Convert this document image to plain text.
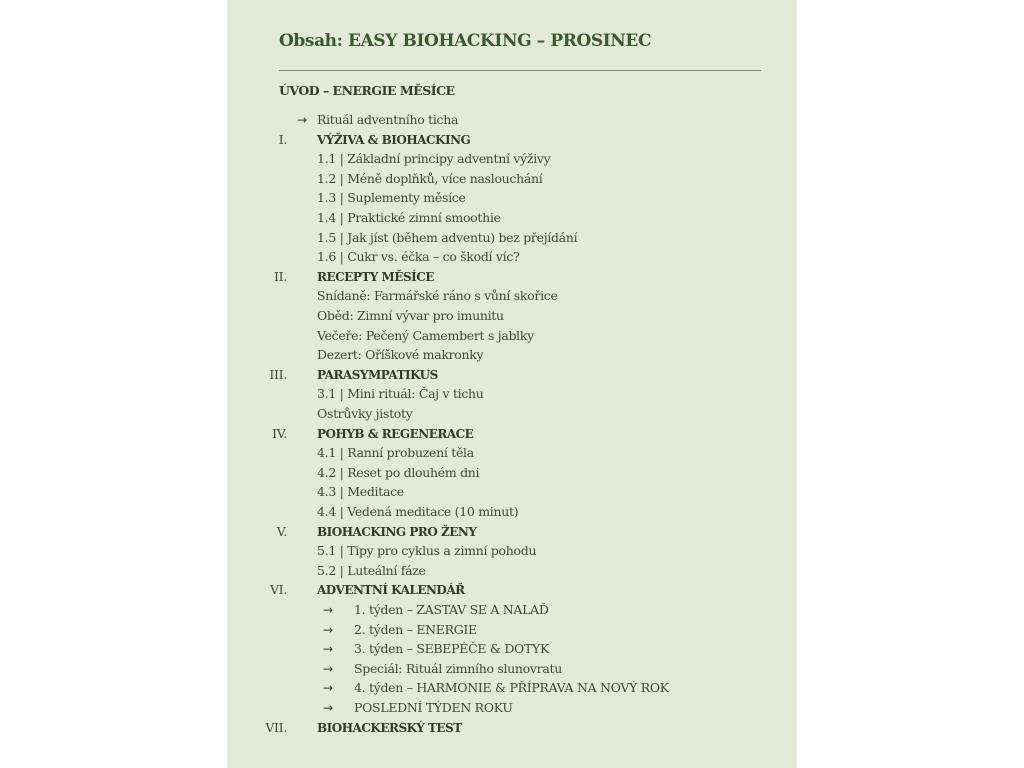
Obsah: EASY BIOHACKING – PROSINEC
ÚVOD – ENERGIE MĚSÍCE
→ Rituál adventního ticha
I.	VÝŽIVA & BIOHACKING
1.1 | Základní principy adventní výživy
1.2 | Méně doplňků, více naslouchání
1.3 | Suplementy měsíce
1.4 | Praktické zimní smoothie
1.5 | Jak jíst (během adventu) bez přejídání
1.6 | Cukr vs. éčka – co škodí víc?
II.	RECEPTY MĚSÍCE
Snídaně: Farmářské ráno s vůní skořice
Oběd: Zimní vývar pro imunitu
Večeře: Pečený Camembert s jablky
Dezert: Oříškové makronky
III.	PARASYMPATIKUS
3.1 | Mini rituál: Čaj v tichu
Ostrůvky jistoty
IV.	POHYB & REGENERACE
4.1 | Ranní probuzení těla
4.2 | Reset po dlouhém dni
4.3 | Meditace
4.4 | Vedená meditace (10 minut)
V.	BIOHACKING PRO ŽENY
5.1 | Tipy pro cyklus a zimní pohodu
5.2 | Luteální fáze
VI.	ADVENTNÍ KALENDÁŘ
→ 1. týden – ZASTAV SE A NALAĎ
→ 2. týden – ENERGIE
→ 3. týden – SEBEPÉČE & DOTYK
→ Speciál: Rituál zimního slunovratu
→ 4. týden – HARMONIE & PŘÍPRAVA NA NOVÝ ROK
→ POSLEDNÍ TÝDEN ROKU
VII.	BIOHACKERSKÝ TEST
